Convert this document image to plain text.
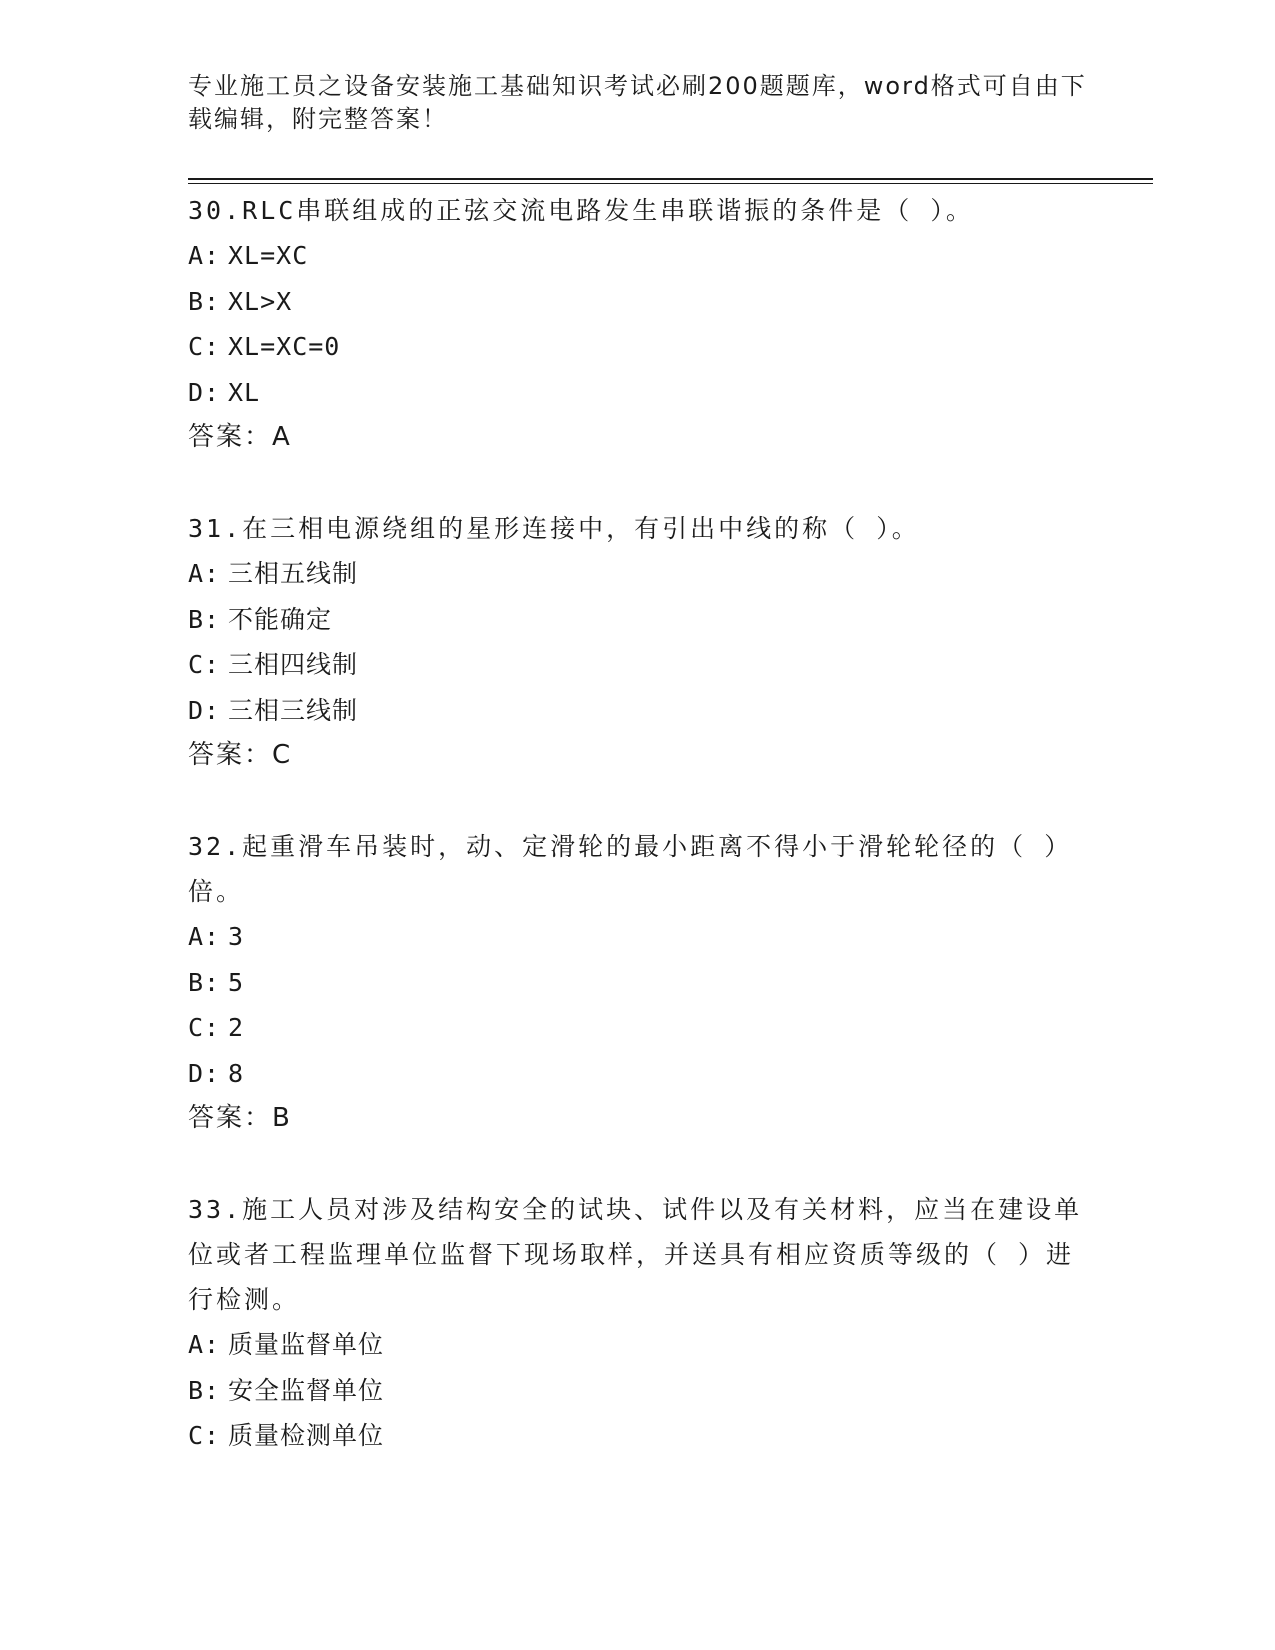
专业施工员之设备安装施工基础知识考试必刷200题题库，word格式可自由下载编辑，附完整答案！

30.RLC串联组成的正弦交流电路发生串联谐振的条件是（ ）。

A: XL=XC

B: XL>X

C: XL=XC=0

D: XL

答案：A

31.在三相电源绕组的星形连接中，有引出中线的称（ ）。

A: 三相五线制

B: 不能确定

C: 三相四线制

D: 三相三线制

答案：C

32.起重滑车吊装时，动、定滑轮的最小距离不得小于滑轮轮径的（ ）倍。

A: 3

B: 5

C: 2

D: 8

答案：B

33.施工人员对涉及结构安全的试块、试件以及有关材料，应当在建设单位或者工程监理单位监督下现场取样，并送具有相应资质等级的（ ）进行检测。

A: 质量监督单位

B: 安全监督单位

C: 质量检测单位
